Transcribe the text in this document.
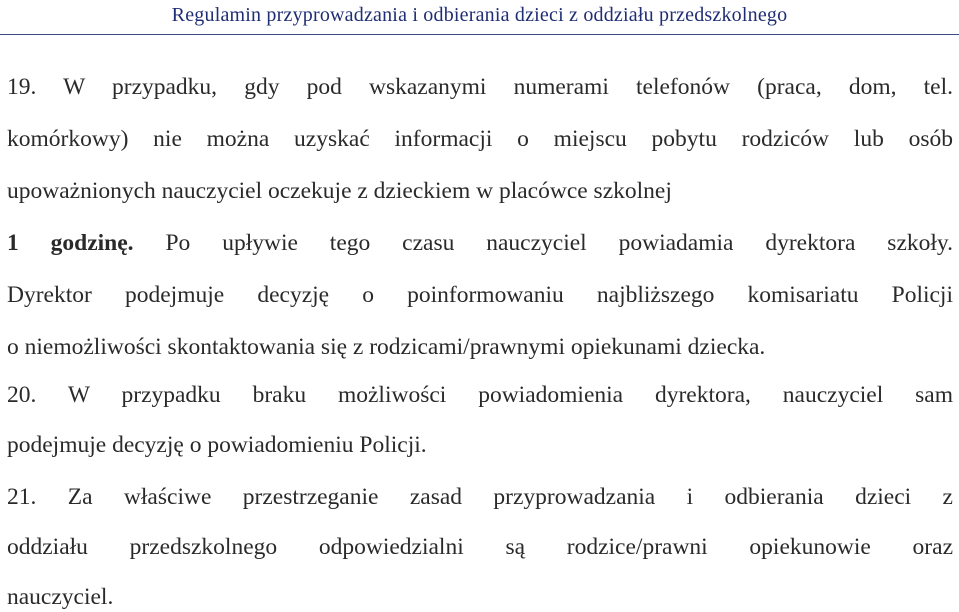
Regulamin przyprowadzania i odbierania dzieci z oddziału przedszkolnego
19. W przypadku, gdy pod wskazanymi numerami telefonów (praca, dom, tel.
komórkowy) nie można uzyskać informacji o miejscu pobytu rodziców lub osób
upoważnionych nauczyciel oczekuje z dzieckiem w placówce szkolnej
1 godzinę. Po upływie tego czasu nauczyciel powiadamia dyrektora szkoły.
Dyrektor podejmuje decyzję o poinformowaniu najbliższego komisariatu Policji
o niemożliwości skontaktowania się z rodzicami/prawnymi opiekunami dziecka.
20. W przypadku braku możliwości powiadomienia dyrektora, nauczyciel sam
podejmuje decyzję o powiadomieniu Policji.
21. Za właściwe przestrzeganie zasad przyprowadzania i odbierania dzieci z
oddziału przedszkolnego odpowiedzialni są rodzice/prawni opiekunowie oraz
nauczyciel.
